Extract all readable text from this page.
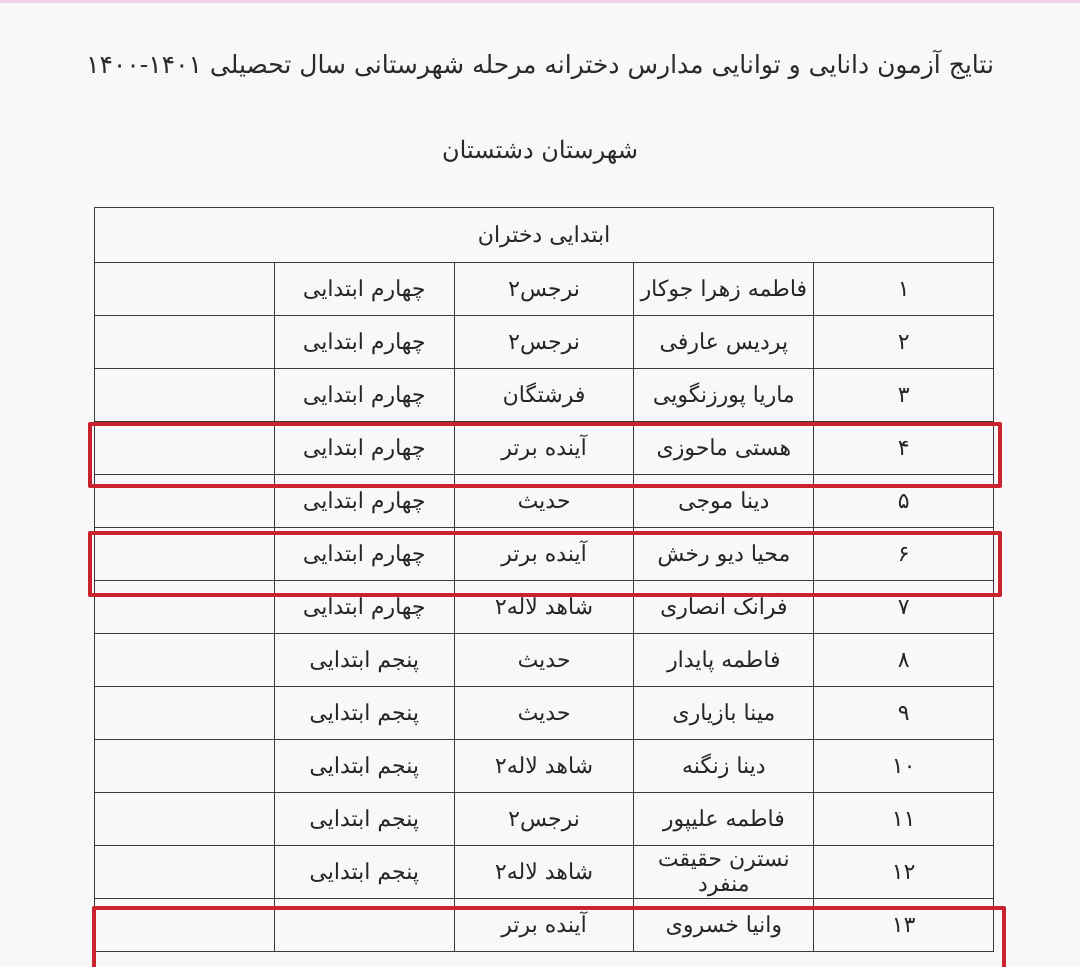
نتایج آزمون دانایی و توانایی مدارس دخترانه مرحله شهرستانی سال تحصیلی ۱۴۰۱-۱۴۰۰
شهرستان دشتستان
ابتدایی دختران				
۱	فاطمه زهرا جوکار	نرجس۲	چهارم ابتدایی	
۲	پردیس عارفی	نرجس۲	چهارم ابتدایی	
۳	ماریا پورزنگویی	فرشتگان	چهارم ابتدایی	
۴	هستی ماحوزی	آینده برتر	چهارم ابتدایی	
۵	دینا موجی	حدیث	چهارم ابتدایی	
۶	محیا دیو رخش	آینده برتر	چهارم ابتدایی	
۷	فرانک انصاری	شاهد لاله۲	چهارم ابتدایی	
۸	فاطمه پایدار	حدیث	پنجم ابتدایی	
۹	مینا بازیاری	حدیث	پنجم ابتدایی	
۱۰	دینا زنگنه	شاهد لاله۲	پنجم ابتدایی	
۱۱	فاطمه علیپور	نرجس۲	پنجم ابتدایی	
۱۲	نسترن حقیقت منفرد	شاهد لاله۲	پنجم ابتدایی	
۱۳	وانیا خسروی	آینده برتر		
